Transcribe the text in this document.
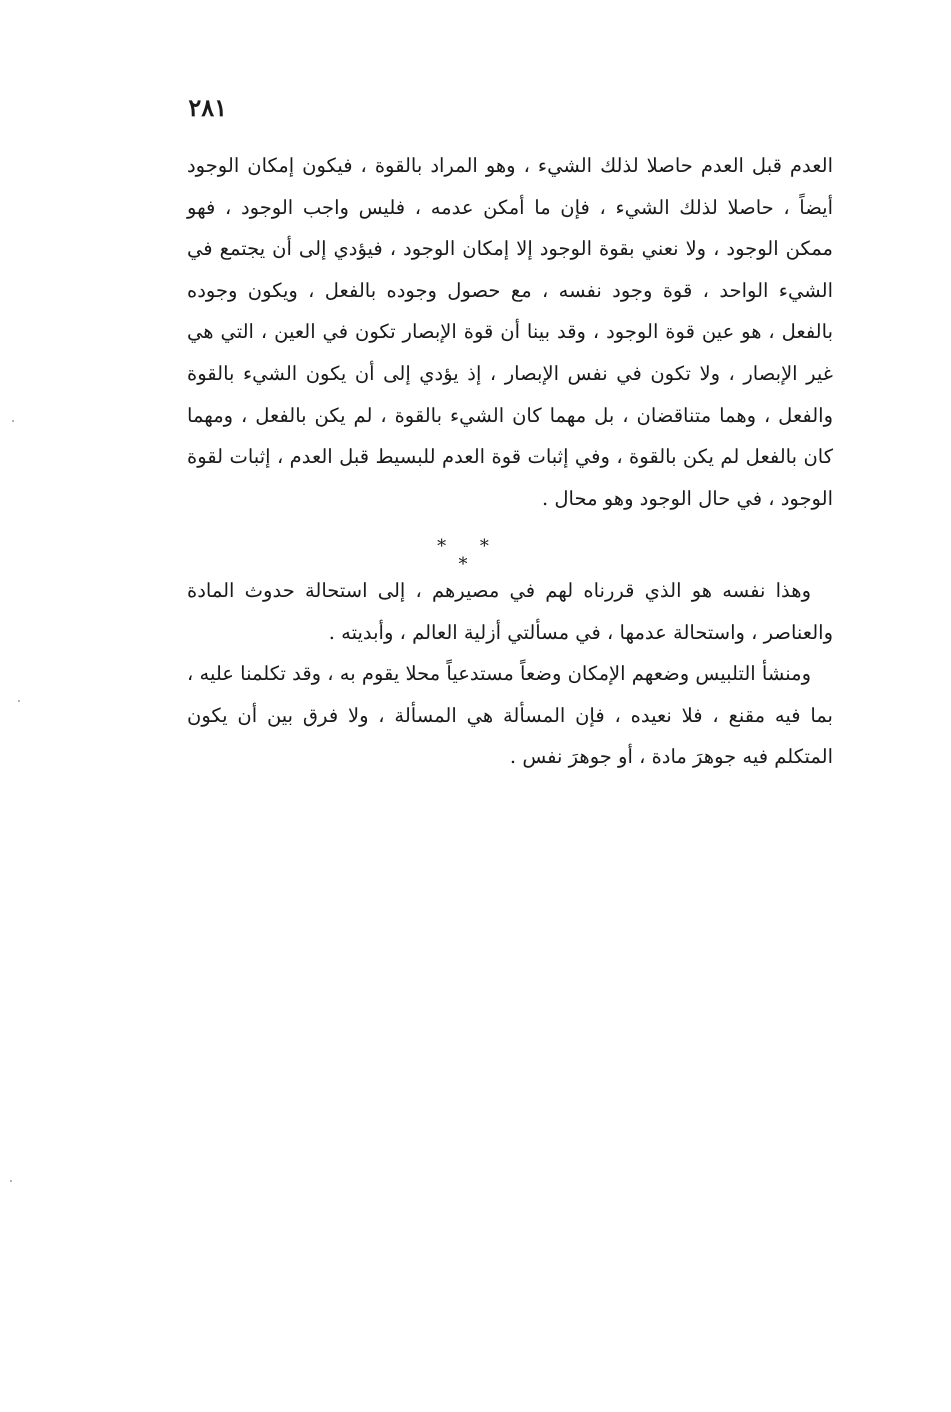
٢٨١

العدم قبل العدم حاصلا لذلك الشيء ، وهو المراد بالقوة ، فيكون إمكان الوجود أيضاً ، حاصلا لذلك الشيء ، فإن ما أمكن عدمه ، فليس واجب الوجود ، فهو ممكن الوجود ، ولا نعني بقوة الوجود إلا إمكان الوجود ، فيؤدي إلى أن يجتمع في الشيء الواحد ، قوة وجود نفسه ، مع حصول وجوده بالفعل ، ويكون وجوده بالفعل ، هو عين قوة الوجود ، وقد بينا أن قوة الإبصار تكون في العين ، التي هي غير الإبصار ، ولا تكون في نفس الإبصار ، إذ يؤدي إلى أن يكون الشيء بالقوة والفعل ، وهما متناقضان ، بل مهما كان الشيء بالقوة ، لم يكن بالفعل ، ومهما كان بالفعل لم يكن بالقوة ، وفي إثبات قوة العدم للبسيط قبل العدم ، إثبات لقوة الوجود ، في حال الوجود وهو محال .

* * *

وهذا نفسه هو الذي قررناه لهم في مصيرهم ، إلى استحالة حدوث المادة والعناصر ، واستحالة عدمها ، في مسألتي أزلية العالم ، وأبديته .

ومنشأ التلبيس وضعهم الإمكان وضعاً مستدعياً محلا يقوم به ، وقد تكلمنا عليه ، بما فيه مقنع ، فلا نعيده ، فإن المسألة هي المسألة ، ولا فرق بين أن يكون المتكلم فيه جوهرَ مادة ، أو جوهرَ نفس .
